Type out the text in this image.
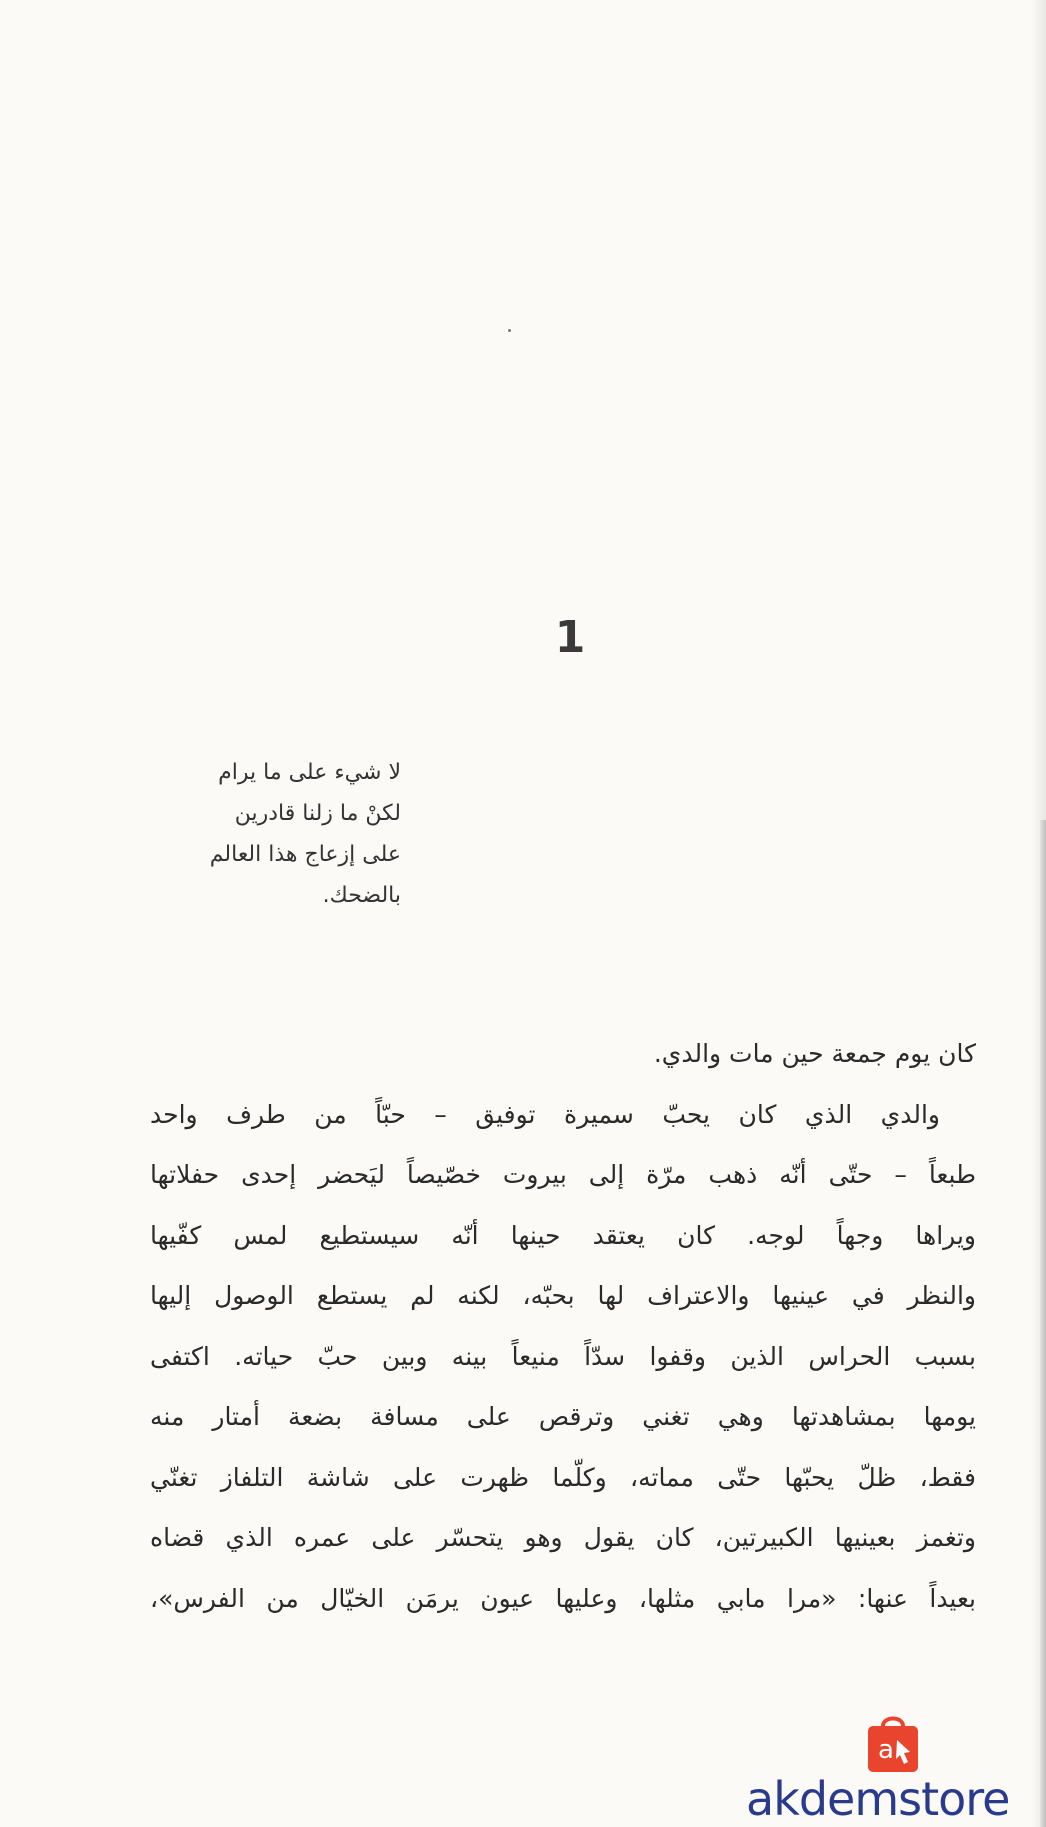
1
لا شيء على ما يرام
لكنْ ما زلنا قادرين
على إزعاج هذا العالم
بالضحك.
كان يوم جمعة حين مات والدي.
والدي الذي كان يحبّ سميرة توفيق – حبّاً من طرف واحد
طبعاً – حتّى أنّه ذهب مرّة إلى بيروت خصّيصاً ليَحضر إحدى حفلاتها
ويراها وجهاً لوجه. كان يعتقد حينها أنّه سيستطيع لمس كفّيها
والنظر في عينيها والاعتراف لها بحبّه، لكنه لم يستطع الوصول إليها
بسبب الحراس الذين وقفوا سدّاً منيعاً بينه وبين حبّ حياته. اكتفى
يومها بمشاهدتها وهي تغني وترقص على مسافة بضعة أمتار منه
فقط، ظلّ يحبّها حتّى مماته، وكلّما ظهرت على شاشة التلفاز تغنّي
وتغمز بعينيها الكبيرتين، كان يقول وهو يتحسّر على عمره الذي قضاه
بعيداً عنها: «مرا مابي مثلها، وعليها عيون يرمَن الخيّال من الفرس»،
a
akdemstore
